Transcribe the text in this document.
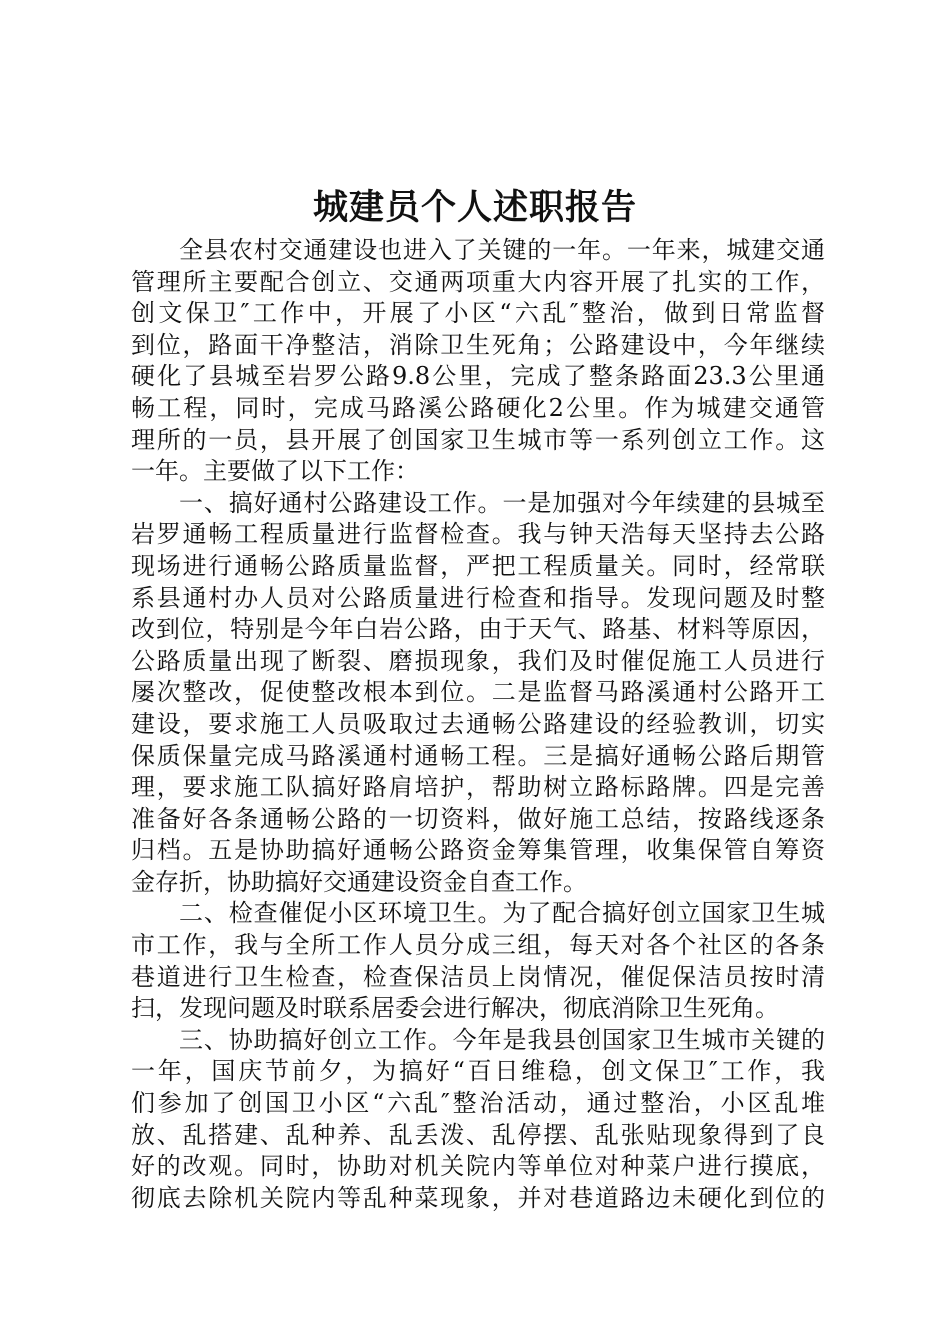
城建员个人述职报告
全县农村交通建设也进入了关键的一年。一年来，城建交通
管理所主要配合创立、交通两项重大内容开展了扎实的工作，
创文保卫″工作中，开展了小区“六乱″整治，做到日常监督
到位，路面干净整洁，消除卫生死角；公路建设中，今年继续
硬化了县城至岩罗公路9.8公里，完成了整条路面23.3公里通
畅工程，同时，完成马路溪公路硬化2公里。作为城建交通管
理所的一员，县开展了创国家卫生城市等一系列创立工作。这
一年。主要做了以下工作：
一、搞好通村公路建设工作。一是加强对今年续建的县城至
岩罗通畅工程质量进行监督检查。我与钟天浩每天坚持去公路
现场进行通畅公路质量监督，严把工程质量关。同时，经常联
系县通村办人员对公路质量进行检查和指导。发现问题及时整
改到位，特别是今年白岩公路，由于天气、路基、材料等原因，
公路质量出现了断裂、磨损现象，我们及时催促施工人员进行
屡次整改，促使整改根本到位。二是监督马路溪通村公路开工
建设，要求施工人员吸取过去通畅公路建设的经验教训，切实
保质保量完成马路溪通村通畅工程。三是搞好通畅公路后期管
理，要求施工队搞好路肩培护，帮助树立路标路牌。四是完善
准备好各条通畅公路的一切资料，做好施工总结，按路线逐条
归档。五是协助搞好通畅公路资金筹集管理，收集保管自筹资
金存折，协助搞好交通建设资金自查工作。
二、检查催促小区环境卫生。为了配合搞好创立国家卫生城
市工作，我与全所工作人员分成三组，每天对各个社区的各条
巷道进行卫生检查，检查保洁员上岗情况，催促保洁员按时清
扫，发现问题及时联系居委会进行解决，彻底消除卫生死角。
三、协助搞好创立工作。今年是我县创国家卫生城市关键的
一年，国庆节前夕，为搞好“百日维稳，创文保卫″工作，我
们参加了创国卫小区“六乱″整治活动，通过整治，小区乱堆
放、乱搭建、乱种养、乱丢泼、乱停摆、乱张贴现象得到了良
好的改观。同时，协助对机关院内等单位对种菜户进行摸底，
彻底去除机关院内等乱种菜现象，并对巷道路边未硬化到位的
